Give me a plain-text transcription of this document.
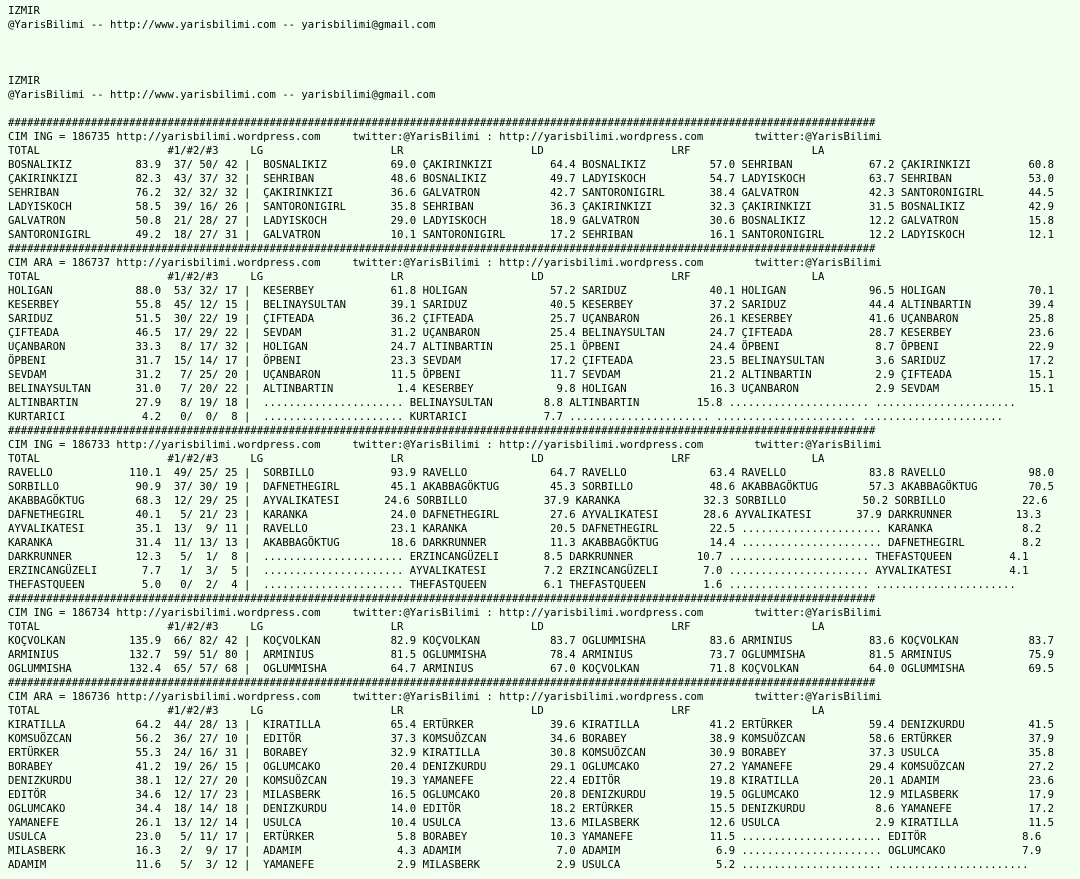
IZMIR
@YarisBilimi -- http://www.yarisbilimi.com -- yarisbilimi@gmail.com

IZMIR
@YarisBilimi -- http://www.yarisbilimi.com -- yarisbilimi@gmail.com

########################################################################################################################################
CIM ING = 186735 http://yarisbilimi.wordpress.com     twitter:@YarisBilimi : http://yarisbilimi.wordpress.com        twitter:@YarisBilimi
TOTAL                    #1/#2/#3     LG                    LR                    LD                    LRF                   LA
BOSNALIKIZ          83.9  37/ 50/ 42 |  BOSNALIKIZ          69.0 ÇAKIRINKIZI         64.4 BOSNALIKIZ          57.0 SEHRIBAN            67.2 ÇAKIRINKIZI         60.8
ÇAKIRINKIZI         82.3  43/ 37/ 32 |  SEHRIBAN            48.6 BOSNALIKIZ          49.7 LADYISKOCH          54.7 LADYISKOCH          63.7 SEHRIBAN            53.0
SEHRIBAN            76.2  32/ 32/ 32 |  ÇAKIRINKIZI         36.6 GALVATRON           42.7 SANTORONIGIRL       38.4 GALVATRON           42.3 SANTORONIGIRL       44.5
LADYISKOCH          58.5  39/ 16/ 26 |  SANTORONIGIRL       35.8 SEHRIBAN            36.3 ÇAKIRINKIZI         32.3 ÇAKIRINKIZI         31.5 BOSNALIKIZ          42.9
GALVATRON           50.8  21/ 28/ 27 |  LADYISKOCH          29.0 LADYISKOCH          18.9 GALVATRON           30.6 BOSNALIKIZ          12.2 GALVATRON           15.8
SANTORONIGIRL       49.2  18/ 27/ 31 |  GALVATRON           10.1 SANTORONIGIRL       17.2 SEHRIBAN            16.1 SANTORONIGIRL       12.2 LADYISKOCH          12.1
########################################################################################################################################
CIM ARA = 186737 http://yarisbilimi.wordpress.com     twitter:@YarisBilimi : http://yarisbilimi.wordpress.com        twitter:@YarisBilimi
TOTAL                    #1/#2/#3     LG                    LR                    LD                    LRF                   LA
HOLIGAN             88.0  53/ 32/ 17 |  KESERBEY            61.8 HOLIGAN             57.2 SARIDUZ             40.1 HOLIGAN             96.5 HOLIGAN             70.1
KESERBEY            55.8  45/ 12/ 15 |  BELINAYSULTAN       39.1 SARIDUZ             40.5 KESERBEY            37.2 SARIDUZ             44.4 ALTINBARTIN         39.4
SARIDUZ             51.5  30/ 22/ 19 |  ÇIFTEADA            36.2 ÇIFTEADA            25.7 UÇANBARON           26.1 KESERBEY            41.6 UÇANBARON           25.8
ÇIFTEADA            46.5  17/ 29/ 22 |  SEVDAM              31.2 UÇANBARON           25.4 BELINAYSULTAN       24.7 ÇIFTEADA            28.7 KESERBEY            23.6
UÇANBARON           33.3   8/ 17/ 32 |  HOLIGAN             24.7 ALTINBARTIN         25.1 ÖPBENI              24.4 ÖPBENI               8.7 ÖPBENI              22.9
ÖPBENI              31.7  15/ 14/ 17 |  ÖPBENI              23.3 SEVDAM              17.2 ÇIFTEADA            23.5 BELINAYSULTAN        3.6 SARIDUZ             17.2
SEVDAM              31.2   7/ 25/ 20 |  UÇANBARON           11.5 ÖPBENI              11.7 SEVDAM              21.2 ALTINBARTIN          2.9 ÇIFTEADA            15.1
BELINAYSULTAN       31.0   7/ 20/ 22 |  ALTINBARTIN          1.4 KESERBEY             9.8 HOLIGAN             16.3 UÇANBARON            2.9 SEVDAM              15.1
ALTINBARTIN         27.9   8/ 19/ 18 |  ...................... BELINAYSULTAN        8.8 ALTINBARTIN         15.8 ...................... ......................
KURTARICI            4.2   0/  0/  8 |  ...................... KURTARICI            7.7 ...................... ...................... ......................
########################################################################################################################################
CIM ING = 186733 http://yarisbilimi.wordpress.com     twitter:@YarisBilimi : http://yarisbilimi.wordpress.com        twitter:@YarisBilimi
TOTAL                    #1/#2/#3     LG                    LR                    LD                    LRF                   LA
RAVELLO            110.1  49/ 25/ 25 |  SORBILLO            93.9 RAVELLO             64.7 RAVELLO             63.4 RAVELLO             83.8 RAVELLO             98.0
SORBILLO            90.9  37/ 30/ 19 |  DAFNETHEGIRL        45.1 AKABBAGÖKTUG        45.3 SORBILLO            48.6 AKABBAGÖKTUG        57.3 AKABBAGÖKTUG        70.5
AKABBAGÖKTUG        68.3  12/ 29/ 25 |  AYVALIKATESI       24.6 SORBILLO            37.9 KARANKA             32.3 SORBILLO            50.2 SORBILLO            22.6
DAFNETHEGIRL        40.1   5/ 21/ 23 |  KARANKA             24.0 DAFNETHEGIRL        27.6 AYVALIKATESI       28.6 AYVALIKATESI       37.9 DARKRUNNER          13.3
AYVALIKATESI        35.1  13/  9/ 11 |  RAVELLO             23.1 KARANKA             20.5 DAFNETHEGIRL        22.5 ...................... KARANKA              8.2
KARANKA             31.4  11/ 13/ 13 |  AKABBAGÖKTUG        18.6 DARKRUNNER          11.3 AKABBAGÖKTUG        14.4 ...................... DAFNETHEGIRL         8.2
DARKRUNNER          12.3   5/  1/  8 |  ...................... ERZINCANGÜZELI       8.5 DARKRUNNER          10.7 ...................... THEFASTQUEEN         4.1
ERZINCANGÜZELI       7.7   1/  3/  5 |  ...................... AYVALIKATESI         7.2 ERZINCANGÜZELI       7.0 ...................... AYVALIKATESI         4.1
THEFASTQUEEN         5.0   0/  2/  4 |  ...................... THEFASTQUEEN         6.1 THEFASTQUEEN         1.6 ...................... ......................
########################################################################################################################################
CIM ING = 186734 http://yarisbilimi.wordpress.com     twitter:@YarisBilimi : http://yarisbilimi.wordpress.com        twitter:@YarisBilimi
TOTAL                    #1/#2/#3     LG                    LR                    LD                    LRF                   LA
KOÇVOLKAN          135.9  66/ 82/ 42 |  KOÇVOLKAN           82.9 KOÇVOLKAN           83.7 OGLUMMISHA          83.6 ARMINIUS            83.6 KOÇVOLKAN           83.7
ARMINIUS           132.7  59/ 51/ 80 |  ARMINIUS            81.5 OGLUMMISHA          78.4 ARMINIUS            73.7 OGLUMMISHA          81.5 ARMINIUS            75.9
OGLUMMISHA         132.4  65/ 57/ 68 |  OGLUMMISHA          64.7 ARMINIUS            67.0 KOÇVOLKAN           71.8 KOÇVOLKAN           64.0 OGLUMMISHA          69.5
########################################################################################################################################
CIM ARA = 186736 http://yarisbilimi.wordpress.com     twitter:@YarisBilimi : http://yarisbilimi.wordpress.com        twitter:@YarisBilimi
TOTAL                    #1/#2/#3     LG                    LR                    LD                    LRF                   LA
KIRATILLA           64.2  44/ 28/ 13 |  KIRATILLA           65.4 ERTÜRKER            39.6 KIRATILLA           41.2 ERTÜRKER            59.4 DENIZKURDU          41.5
KOMSUÖZCAN          56.2  36/ 27/ 10 |  EDITÖR              37.3 KOMSUÖZCAN          34.6 BORABEY             38.9 KOMSUÖZCAN          58.6 ERTÜRKER            37.9
ERTÜRKER            55.3  24/ 16/ 31 |  BORABEY             32.9 KIRATILLA           30.8 KOMSUÖZCAN          30.9 BORABEY             37.3 USULCA              35.8
BORABEY             41.2  19/ 26/ 15 |  OGLUMCAKO           20.4 DENIZKURDU          29.1 OGLUMCAKO           27.2 YAMANEFE            29.4 KOMSUÖZCAN          27.2
DENIZKURDU          38.1  12/ 27/ 20 |  KOMSUÖZCAN          19.3 YAMANEFE            22.4 EDITÖR              19.8 KIRATILLA           20.1 ADAMIM              23.6
EDITÖR              34.6  12/ 17/ 23 |  MILASBERK           16.5 OGLUMCAKO           20.8 DENIZKURDU          19.5 OGLUMCAKO           12.9 MILASBERK           17.9
OGLUMCAKO           34.4  18/ 14/ 18 |  DENIZKURDU          14.0 EDITÖR              18.2 ERTÜRKER            15.5 DENIZKURDU           8.6 YAMANEFE            17.2
YAMANEFE            26.1  13/ 12/ 14 |  USULCA              10.4 USULCA              13.6 MILASBERK           12.6 USULCA               2.9 KIRATILLA           11.5
USULCA              23.0   5/ 11/ 17 |  ERTÜRKER             5.8 BORABEY             10.3 YAMANEFE            11.5 ...................... EDITÖR               8.6
MILASBERK           16.3   2/  9/ 17 |  ADAMIM               4.3 ADAMIM               7.0 ADAMIM               6.9 ...................... OGLUMCAKO            7.9
ADAMIM              11.6   5/  3/ 12 |  YAMANEFE             2.9 MILASBERK            2.9 USULCA               5.2 ...................... ......................
